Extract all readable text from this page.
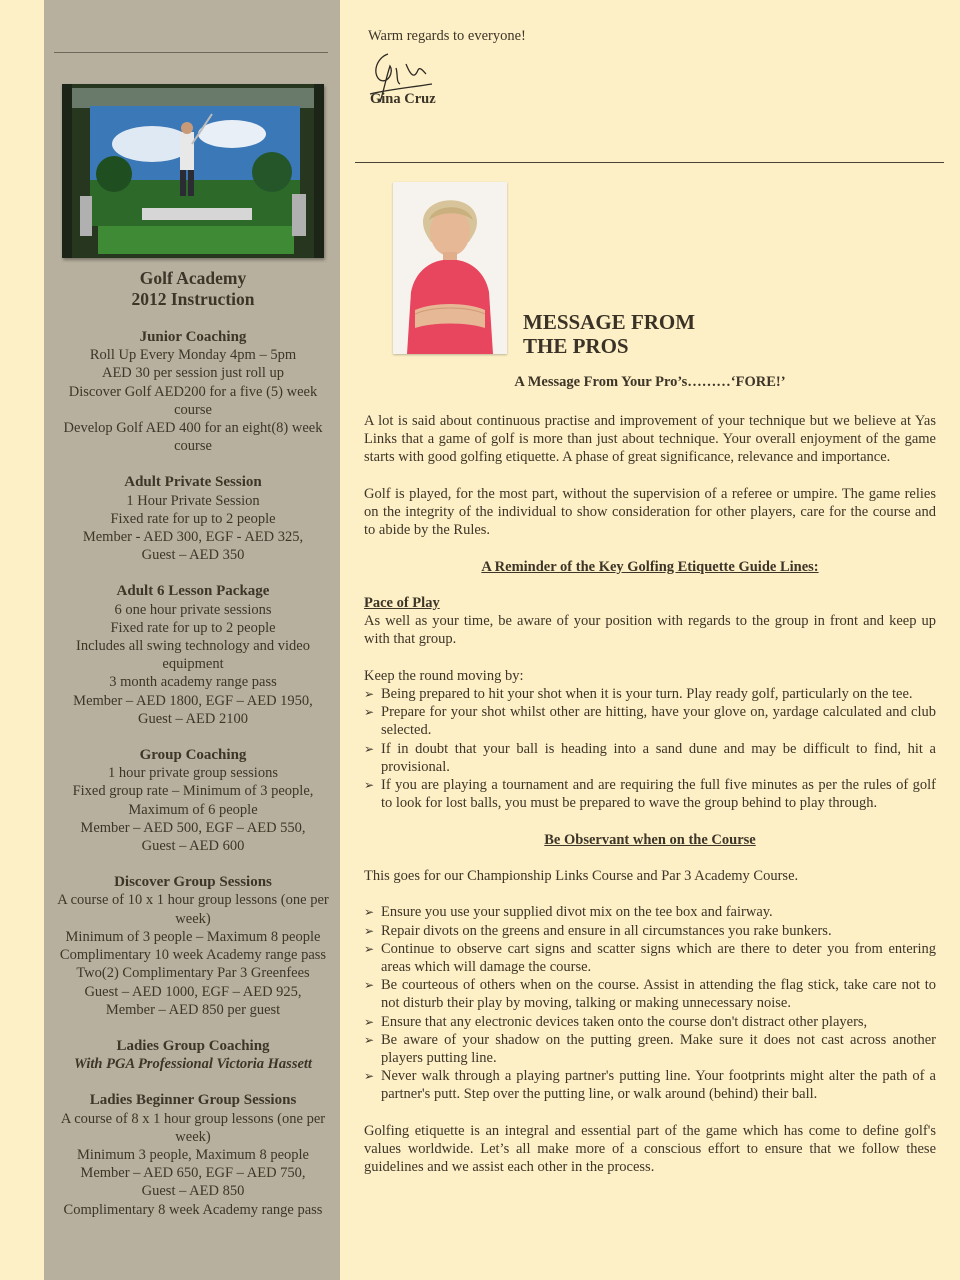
Golf Academy
2012 Instruction
Junior Coaching
Roll Up Every Monday 4pm – 5pm
AED 30 per session just roll up
Discover Golf AED200 for a five (5) week course
Develop Golf AED 400 for an eight(8) week course
Adult Private Session
1 Hour Private Session
Fixed rate for up to 2 people
Member - AED 300, EGF - AED 325,
Guest – AED 350
Adult 6 Lesson Package
6 one hour private sessions
Fixed rate for up to 2 people
Includes all swing technology and video equipment
3 month academy range pass
Member – AED 1800, EGF – AED 1950,
Guest – AED 2100
Group Coaching
1 hour private group sessions
Fixed group rate – Minimum of 3 people, Maximum of 6 people
Member – AED 500, EGF – AED 550,
Guest – AED 600
Discover Group Sessions
A course of 10 x 1 hour group lessons (one per week)
Minimum of 3 people – Maximum 8 people
Complimentary 10 week Academy range pass
Two(2) Complimentary Par 3 Greenfees
Guest – AED 1000, EGF – AED 925,
Member – AED 850 per guest
Ladies Group Coaching
With PGA Professional Victoria Hassett
Ladies Beginner Group Sessions
A course of 8 x 1 hour group lessons (one per week)
Minimum 3 people, Maximum 8 people
Member – AED 650, EGF – AED 750,
Guest – AED 850
Complimentary 8 week Academy range pass
Warm regards to everyone!
Gina Cruz
MESSAGE FROM
THE PROS
A Message From Your Pro’s………‘FORE!’

A lot is said about continuous practise and improvement of your technique but we believe at Yas Links that a game of golf is more than just about technique. Your overall enjoyment of the game starts with good golfing etiquette. A phase of great significance, relevance and importance.

Golf is played, for the most part, without the supervision of a referee or umpire. The game relies on the integrity of the individual to show consideration for other players, care for the course and to abide by the Rules.

A Reminder of the Key Golfing Etiquette Guide Lines:

Pace of Play

As well as your time, be aware of your position with regards to the group in front and keep up with that group.

Keep the round moving by:

➢ Being prepared to hit your shot when it is your turn. Play ready golf, particularly on the tee.
➢ Prepare for your shot whilst other are hitting, have your glove on, yardage calculated and club selected.
➢ If in doubt that your ball is heading into a sand dune and may be difficult to find, hit a provisional.
➢ If you are playing a tournament and are requiring the full five minutes as per the rules of golf to look for lost balls, you must be prepared to wave the group behind to play through.

Be Observant when on the Course

This goes for our Championship Links Course and Par 3 Academy Course.

➢ Ensure you use your supplied divot mix on the tee box and fairway.
➢ Repair divots on the greens and ensure in all circumstances you rake bunkers.
➢ Continue to observe cart signs and scatter signs which are there to deter you from entering areas which will damage the course.
➢ Be courteous of others when on the course. Assist in attending the flag stick, take care not to not disturb their play by moving, talking or making unnecessary noise.
➢ Ensure that any electronic devices taken onto the course don't distract other players,
➢ Be aware of your shadow on the putting green. Make sure it does not cast across another players putting line.
➢ Never walk through a playing partner's putting line. Your footprints might alter the path of a partner's putt. Step over the putting line, or walk around (behind) their ball.

Golfing etiquette is an integral and essential part of the game which has come to define golf's values worldwide. Let’s all make more of a conscious effort to ensure that we follow these guidelines and we assist each other in the process.
